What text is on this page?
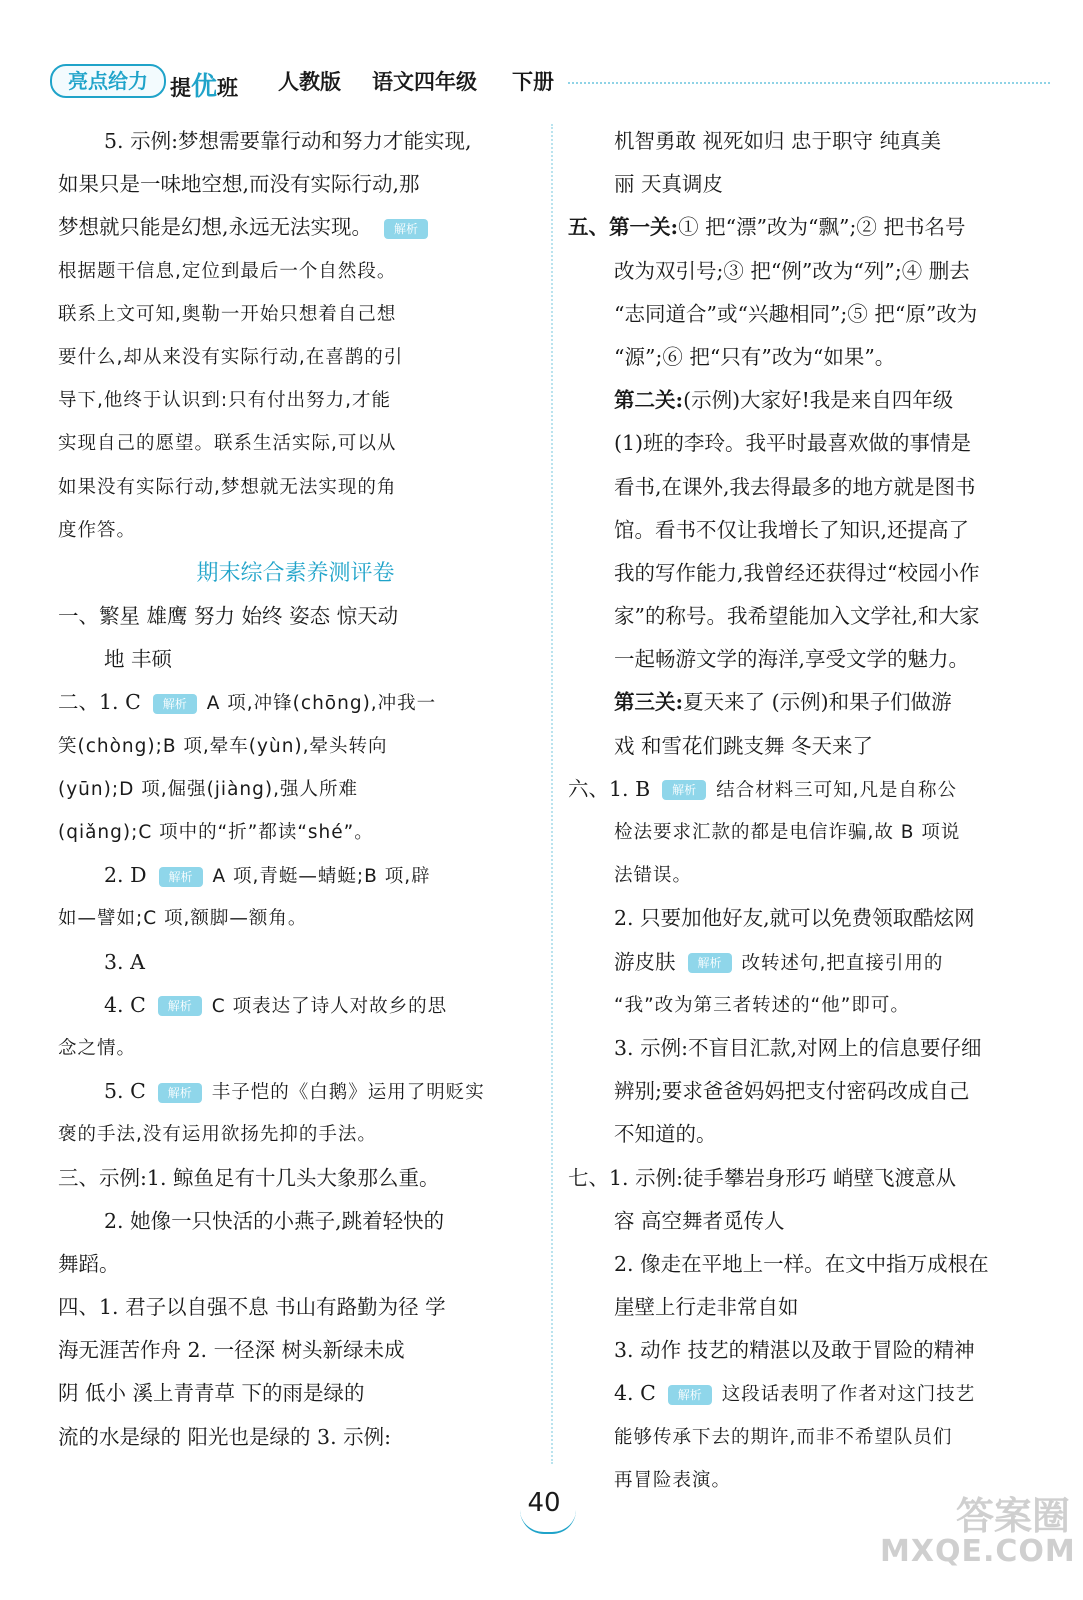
亮点给力	提优班 人教版 语文四年级 下册
5. 示例:梦想需要靠行动和努力才能实现,
如果只是一味地空想,而没有实际行动,那
梦想就只能是幻想,永远无法实现。 解析
根据题干信息,定位到最后一个自然段。
联系上文可知,奥勒一开始只想着自己想
要什么,却从来没有实际行动,在喜鹊的引
导下,他终于认识到:只有付出努力,才能
实现自己的愿望。联系生活实际,可以从
如果没有实际行动,梦想就无法实现的角
度作答。
期末综合素养测评卷
一、繁星 雄鹰 努力 始终 姿态 惊天动
地 丰硕
二、1. C 解析 A 项,冲锋(chōng),冲我一
笑(chòng);B 项,晕车(yùn),晕头转向
(yūn);D 项,倔强(jiàng),强人所难
(qiǎng);C 项中的“折”都读“shé”。
2. D 解析 A 项,青蜓—蜻蜓;B 项,辟
如—譬如;C 项,额脚—额角。
3. A
4. C 解析 C 项表达了诗人对故乡的思
念之情。
5. C 解析 丰子恺的《白鹅》运用了明贬实
褒的手法,没有运用欲扬先抑的手法。
三、示例:1. 鲸鱼足有十几头大象那么重。
2. 她像一只快活的小燕子,跳着轻快的
舞蹈。
四、1. 君子以自强不息 书山有路勤为径 学
海无涯苦作舟 2. 一径深 树头新绿未成
阴 低小 溪上青青草 下的雨是绿的
流的水是绿的 阳光也是绿的 3. 示例:
机智勇敢 视死如归 忠于职守 纯真美
丽 天真调皮
五、第一关:① 把“漂”改为“飘”;② 把书名号
改为双引号;③ 把“例”改为“列”;④ 删去
“志同道合”或“兴趣相同”;⑤ 把“原”改为
“源”;⑥ 把“只有”改为“如果”。
第二关:(示例)大家好!我是来自四年级
(1)班的李玲。我平时最喜欢做的事情是
看书,在课外,我去得最多的地方就是图书
馆。看书不仅让我增长了知识,还提高了
我的写作能力,我曾经还获得过“校园小作
家”的称号。我希望能加入文学社,和大家
一起畅游文学的海洋,享受文学的魅力。
第三关:夏天来了 (示例)和果子们做游
戏 和雪花们跳支舞 冬天来了
六、1. B 解析 结合材料三可知,凡是自称公
检法要求汇款的都是电信诈骗,故 B 项说
法错误。
2. 只要加他好友,就可以免费领取酷炫网
游皮肤 解析 改转述句,把直接引用的
“我”改为第三者转述的“他”即可。
3. 示例:不盲目汇款,对网上的信息要仔细
辨别;要求爸爸妈妈把支付密码改成自己
不知道的。
七、1. 示例:徒手攀岩身形巧 峭壁飞渡意从
容 高空舞者觅传人
2. 像走在平地上一样。在文中指万成根在
崖壁上行走非常自如
3. 动作 技艺的精湛以及敢于冒险的精神
4. C 解析 这段话表明了作者对这门技艺
能够传承下去的期许,而非不希望队员们
再冒险表演。
40	答案圈
MXQE.COM
